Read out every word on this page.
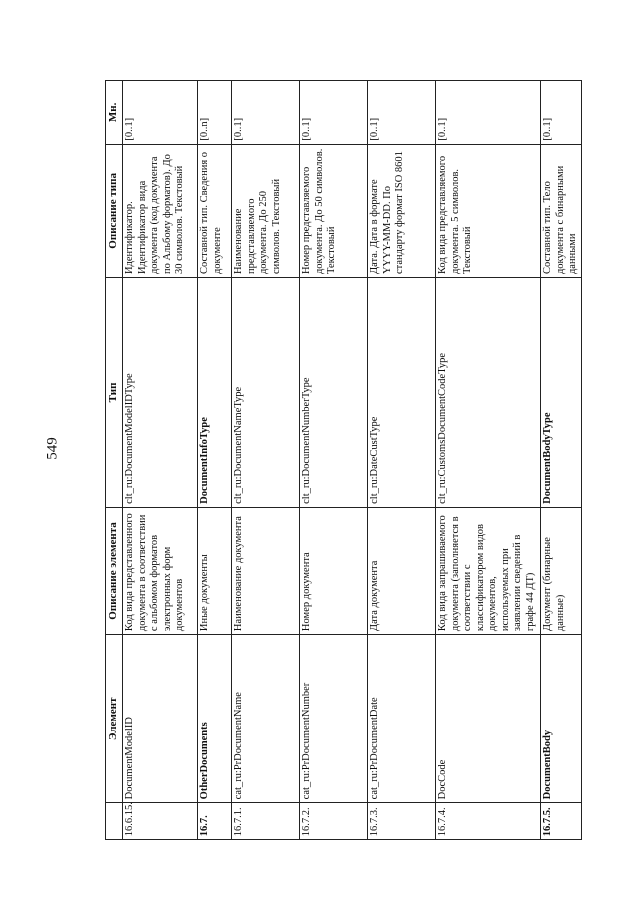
549
		Элемент	Описание элемента	Тип	Описание типа	Мн.
	16.6.15.	DocumentModelID	Код вида представленного документа в соответствии с альбомом форматов электронных форм документов	clt_ru:DocumentModelIDType	Идентификатор. Идентификатор вида документа (код документа по Альбому форматов). До 30 символов. Текстовый	[0..1]
	16.7.	OtherDocuments	Иные документы	DocumentInfoType	Составной тип. Сведения о документе	[0..n]
	16.7.1.	cat_ru:PrDocumentName	Наименование документа	clt_ru:DocumentNameType	Наименование представляемого документа. До 250 символов. Текстовый	[0..1]
	16.7.2.	cat_ru:PrDocumentNumber	Номер документа	clt_ru:DocumentNumberType	Номер представляемого документа. До 50 символов. Текстовый	[0..1]
	16.7.3.	cat_ru:PrDocumentDate	Дата документа	clt_ru:DateCustType	Дата. Дата в формате YYYY-MM-DD. По стандарту формат ISO 8601	[0..1]
	16.7.4.	DocCode	Код вида запрашиваемого документа (заполняется в соответствии с классификатором видов документов, используемых при заявлении сведений в графе 44 ДТ)	clt_ru:CustomsDocumentCodeType	Код вида представляемого документа. 5 символов. Текстовый	[0..1]
	16.7.5.	DocumentBody	Документ (бинарные данные)	DocumentBodyType	Составной тип. Тело документа с бинарными данными	[0..1]
